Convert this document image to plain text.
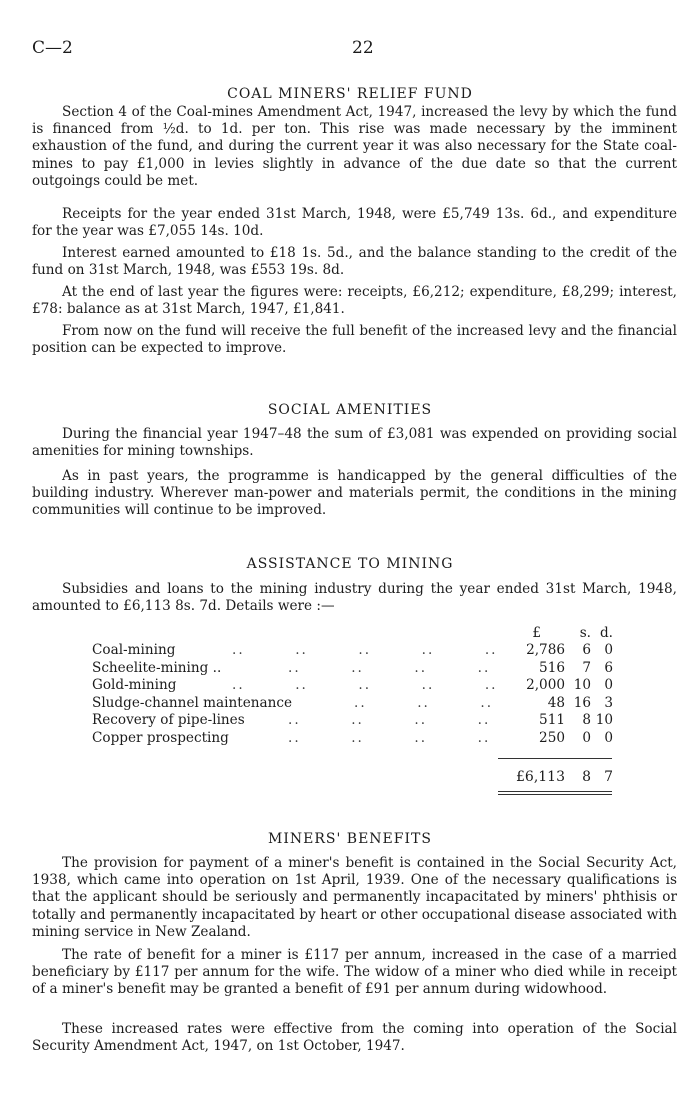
C—2	22
COAL MINERS' RELIEF FUND

Section 4 of the Coal-mines Amendment Act, 1947, increased the levy by which the fund is financed from ½d. to 1d. per ton. This rise was made necessary by the imminent exhaustion of the fund, and during the current year it was also necessary for the State coal-mines to pay £1,000 in levies slightly in advance of the due date so that the current outgoings could be met.

Receipts for the year ended 31st March, 1948, were £5,749 13s. 6d., and expenditure for the year was £7,055 14s. 10d.

Interest earned amounted to £18 1s. 5d., and the balance standing to the credit of the fund on 31st March, 1948, was £553 19s. 8d.

At the end of last year the figures were: receipts, £6,212; expenditure, £8,299; interest, £78: balance as at 31st March, 1947, £1,841.

From now on the fund will receive the full benefit of the increased levy and the financial position can be expected to improve.

SOCIAL AMENITIES

During the financial year 1947–48 the sum of £3,081 was expended on providing social amenities for mining townships.

As in past years, the programme is handicapped by the general difficulties of the building industry. Wherever man-power and materials permit, the conditions in the mining communities will continue to be improved.

ASSISTANCE TO MINING

Subsidies and loans to the mining industry during the year ended 31st March, 1948, amounted to £6,113 8s. 7d. Details were :—

£	s. d.
Coal-mining	..        ..        ..        ..        ..	2,786	6 0
Scheelite-mining ..	..        ..        ..        ..	516	7 6
Gold-mining	..        ..        ..        ..        ..	2,000 10 0
Sludge-channel maintenance	..        ..        ..	48 16 3
Recovery of pipe-lines	..        ..        ..        ..	511	8 10
Copper prospecting	..        ..        ..        ..	250	0 0
£6,113	8 7
MINERS' BENEFITS

The provision for payment of a miner's benefit is contained in the Social Security Act, 1938, which came into operation on 1st April, 1939. One of the necessary qualifications is that the applicant should be seriously and permanently incapacitated by miners' phthisis or totally and permanently incapacitated by heart or other occupational disease associated with mining service in New Zealand.

The rate of benefit for a miner is £117 per annum, increased in the case of a married beneficiary by £117 per annum for the wife. The widow of a miner who died while in receipt of a miner's benefit may be granted a benefit of £91 per annum during widowhood.

These increased rates were effective from the coming into operation of the Social Security Amendment Act, 1947, on 1st October, 1947.
